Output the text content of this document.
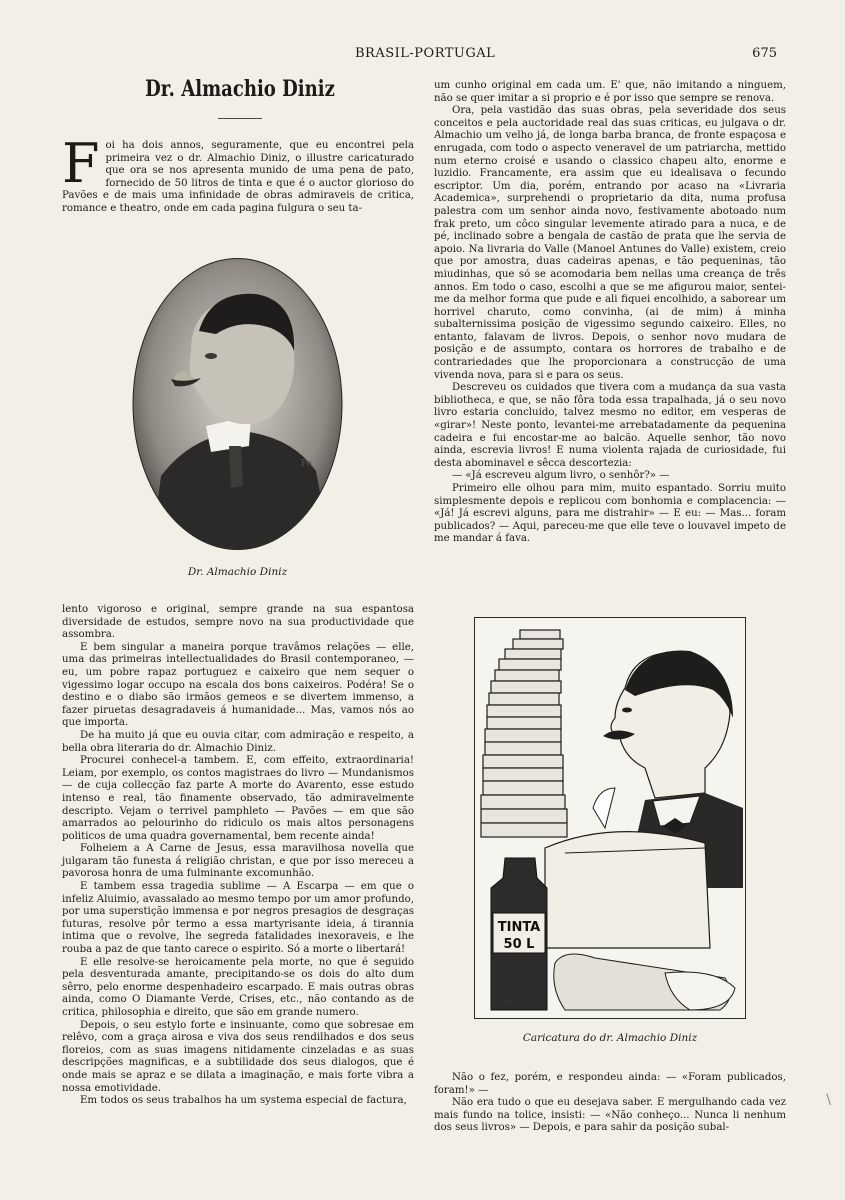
BRASIL-PORTUGAL	675
Dr. Almachio Diniz

Foi ha dois annos, seguramente, que eu encontrei pela primeira vez o dr. Almachio Diniz, o illustre caricaturado que ora se nos apresenta munido de uma pena de pato, fornecido de 50 litros de tinta e que é o auctor glorioso do Pavões e de mais uma infinidade de obras admiraveis de critica, romance e theatro, onde em cada pagina fulgura o seu ta-

Pe
Dr. Almachio Diniz

lento vigoroso e original, sempre grande na sua espantosa diversidade de estudos, sempre novo na sua productividade que assombra.

E bem singular a maneira porque travâmos relações — elle, uma das primeiras intellectualidades do Brasil contemporaneo, — eu, um pobre rapaz portuguez e caixeiro que nem sequer o vigessimo logar occupo na escala dos bons caixeiros. Podéra! Se o destino e o diabo são irmãos gemeos e se divertem immenso, a fazer piruetas desagradaveis á humanidade... Mas, vamos nós ao que importa.

De ha muito já que eu ouvia citar, com admiração e respeito, a bella obra literaria do dr. Almachio Diniz.

Procurei conhecel-a tambem. E, com effeito, extraordinaria! Leiam, por exemplo, os contos magistraes do livro — Mundanismos — de cuja collecção faz parte A morte do Avarento, esse estudo intenso e real, tão finamente observado, tão admiravelmente descripto. Vejam o terrivel pamphleto — Pavões — em que são amarrados ao pelourinho do ridiculo os mais altos personagens politicos de uma quadra governamental, bem recente ainda!

Folheiem a A Carne de Jesus, essa maravilhosa novella que julgaram tão funesta á religião christan, e que por isso mereceu a pavorosa honra de uma fulminante excomunhão.

E tambem essa tragedia sublime — A Escarpa — em que o infeliz Aluimio, avassalado ao mesmo tempo por um amor profundo, por uma superstição immensa e por negros presagios de desgraças futuras, resolve pôr termo a essa martyrisante ideia, á tirannia intima que o revolve, lhe segreda fatalidades inexoraveis, e lhe rouba a paz de que tanto carece o espirito. Só a morte o libertará!

E elle resolve-se heroicamente pela morte, no que é seguido pela desventurada amante, precipitando-se os dois do alto dum sêrro, pelo enorme despenhadeiro escarpado. E mais outras obras ainda, como O Diamante Verde, Crises, etc., não contando as de critica, philosophia e direito, que são em grande numero.

Depois, o seu estylo forte e insinuante, como que sobresae em relêvo, com a graça airosa e viva dos seus rendilhados e dos seus floreios, com as suas imagens nitidamente cinzeladas e as suas descripções magnificas, e a subtilidade dos seus dialogos, que é onde mais se apraz e se dilata a imaginação, e mais forte vibra a nossa emotividade.

Em todos os seus trabalhos ha um systema especial de factura,

um cunho original em cada um. E' que, não imitando a ninguem, não se quer imitar a si proprio e é por isso que sempre se renova.

Ora, pela vastidão das suas obras, pela severidade dos seus conceitos e pela auctoridade real das suas criticas, eu julgava o dr. Almachio um velho já, de longa barba branca, de fronte espaçosa e enrugada, com todo o aspecto veneravel de um patriarcha, mettido num eterno croisé e usando o classico chapeu alto, enorme e luzidio. Francamente, era assim que eu idealisava o fecundo escriptor. Um dia, porém, entrando por acaso na «Livraria Academica», surprehendi o proprietario da dita, numa profusa palestra com um senhor ainda novo, festivamente abotoado num frak preto, um côco singular levemente atirado para a nuca, e de pé, inclinado sobre a bengala de castão de prata que lhe servia de apoio. Na livraria do Valle (Manoel Antunes do Valle) existem, creio que por amostra, duas cadeiras apenas, e tão pequeninas, tão miudinhas, que só se acomodaria bem nellas uma creança de três annos. Em todo o caso, escolhi a que se me afigurou maior, sentei-me da melhor forma que pude e ali fiquei encolhido, a saborear um horrivel charuto, como convinha, (ai de mim) á minha subalternissima posição de vigessimo segundo caixeiro. Elles, no entanto, falavam de livros. Depois, o senhor novo mudara de posição e de assumpto, contara os horrores de trabalho e de contrariedades que lhe proporcionara a construcção de uma vivenda nova, para si e para os seus.

Descreveu os cuidados que tivera com a mudança da sua vasta bibliotheca, e que, se não fôra toda essa trapalhada, já o seu novo livro estaria concluido, talvez mesmo no editor, em vesperas de «girar»! Neste ponto, levantei-me arrebatadamente da pequenina cadeira e fui encostar-me ao balcão. Aquelle senhor, tão novo ainda, escrevia livros! E numa violenta rajada de curiosidade, fui desta abominavel e sêcca descortezia:

— «Já escreveu algum livro, o senhôr?» —

Primeiro elle olhou para mim, muito espantado. Sorriu muito simplesmente depois e replicou com bonhomia e complacencia: — «Já! Já escrevi alguns, para me distrahir» — E eu: — Mas... foram publicados? — Aqui, pareceu-me que elle teve o louvavel impeto de me mandar á fava.

TINTA
50 L
Fm.
Caricatura do dr. Almachio Diniz

Não o fez, porém, e respondeu ainda: — «Foram publicados, foram!» —

Não era tudo o que eu desejava saber. E mergulhando cada vez mais fundo na tolice, insisti: — «Não conheço... Nunca li nenhum dos seus livros» — Depois, e para sahir da posição subal-

\
